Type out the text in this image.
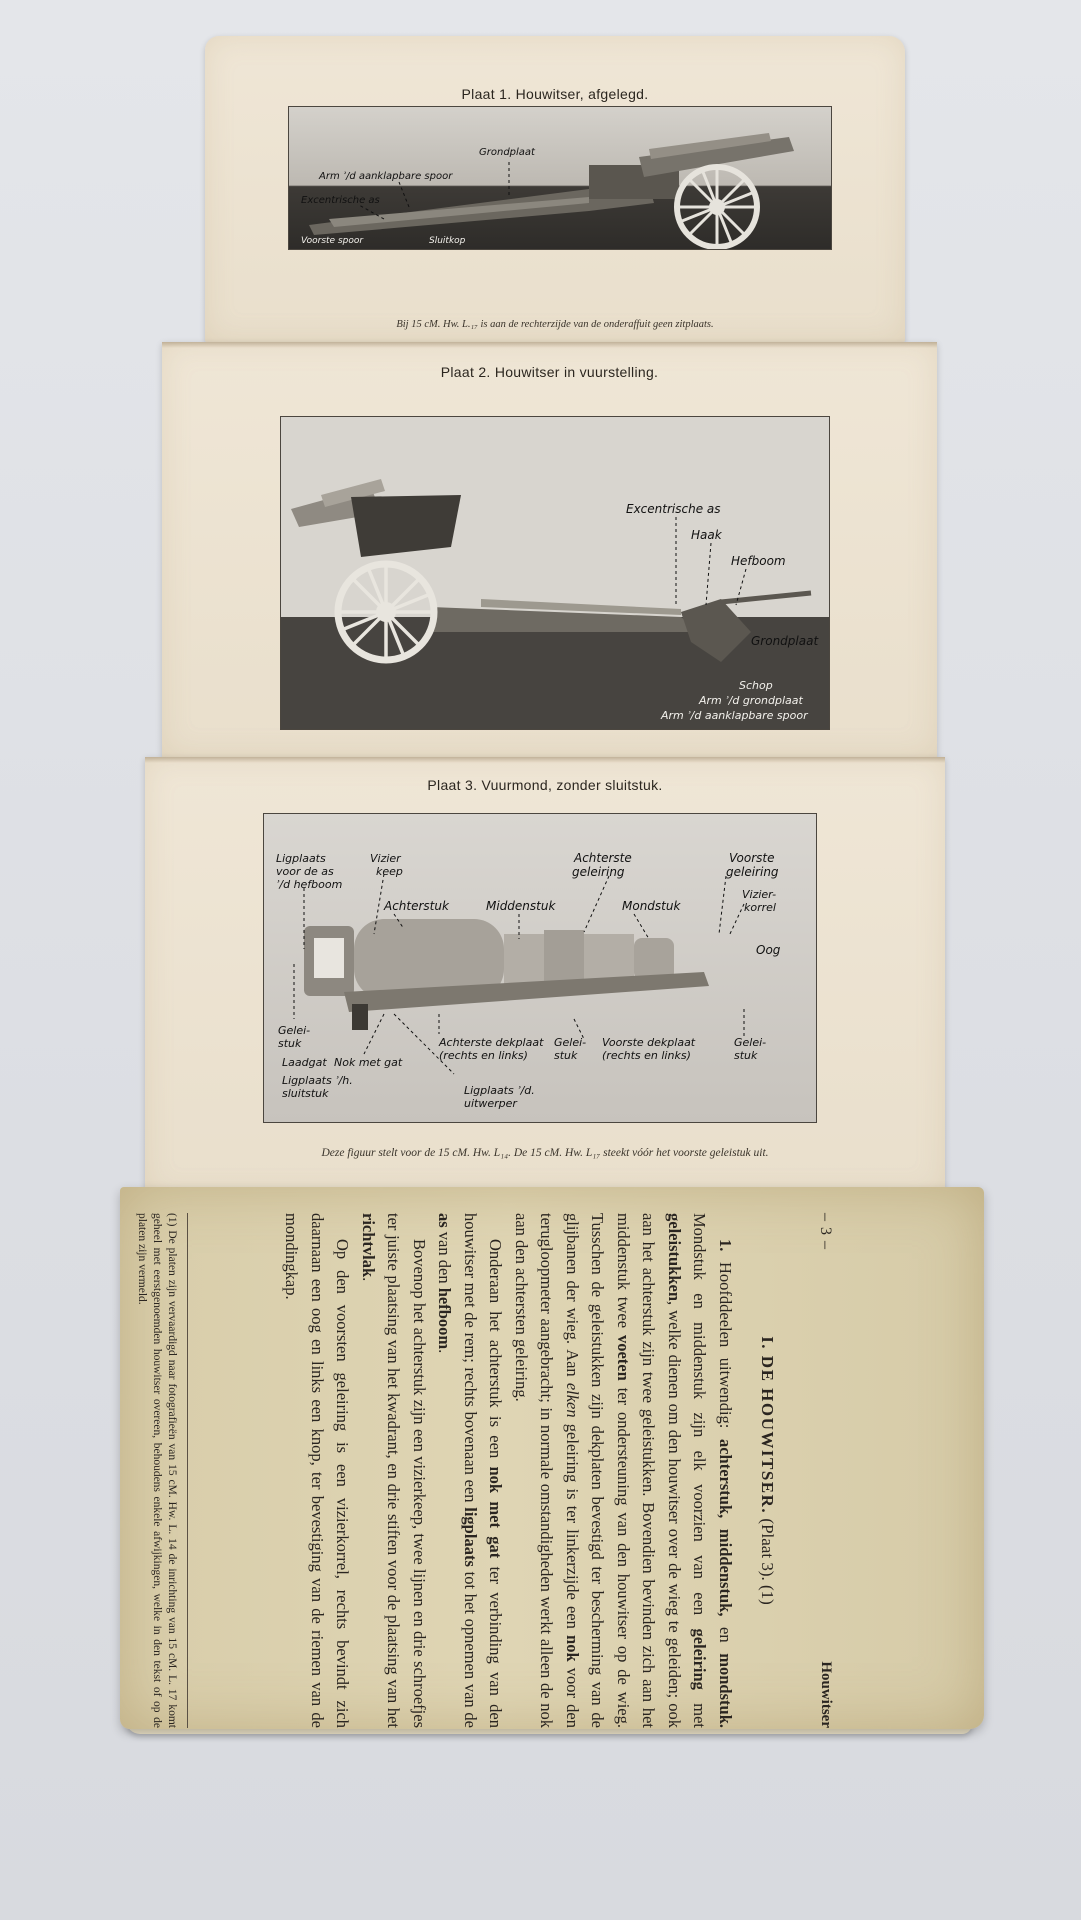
Plaat 1. Houwitser, afgelegd.
Grondplaat
Arm ʾ/d aanklapbare spoor
Excentrische as
Voorste spoor	Sluitkop
Bij 15 cM. Hw. L.₁₇ is aan de rechterzijde van de onderaffuit geen zitplaats.
Plaat 2. Houwitser in vuurstelling.
Excentrische as
Haak
Hefboom
Grondplaat
Schop
Arm ʾ/d grondplaat
Arm ʾ/d aanklapbare spoor
Plaat 3. Vuurmond, zonder sluitstuk.
Ligplaats voor de as ʾ/d hefboom
Vizier keep
Achterstuk
Achterste geleiring
Middenstuk	Mondstuk
Voorste geleiring
Vizier- korrel
Oog
Gelei- stuk
Laadgat Nok met gat
Ligplaats ʾ/h. sluitstuk
Achterste dekplaat (rechts en links)
Gelei- stuk
Voorste dekplaat (rechts en links)
Gelei- stuk
Ligplaats ʾ/d. uitwerper
Deze figuur stelt voor de 15 cM. Hw. L₁₄. De 15 cM. Hw. L₁₇ steekt vóór het voorste geleistuk uit.
– 3 –
Houwitser
I. DE HOUWITSER. (Plaat 3). (1)

1. Hoofddeelen uitwendig: achterstuk, middenstuk, en mondstuk. Mondstuk en middenstuk zijn elk voorzien van een geleiring met geleistukken, welke dienen om den houwitser over de wieg te geleiden; ook aan het achterstuk zijn twee geleistukken. Bovendien bevinden zich aan het middenstuk twee voeten ter ondersteuning van den houwitser op de wieg. Tusschen de geleistukken zijn dekplaten bevestigd ter bescherming van de glijbanen der wieg. Aan elken geleiring is ter linkerzijde een nok voor den terugloopmeter aangebracht; in normale omstandigheden werkt alleen de nok aan den achtersten geleiring.

Onderaan het achterstuk is een nok met gat ter verbinding van den houwitser met de rem; rechts bovenaan een ligplaats tot het opnemen van de as van den hefboom.

Bovenop het achterstuk zijn een vizierkeep, twee lijnen en drie schroefjes ter juiste plaatsing van het kwadrant, en drie stiften voor de plaatsing van het richtvlak.

Op den voorsten geleiring is een vizierkorrel, rechts bevindt zich daarnaan een oog en links een knop, ter bevestiging van de riemen van de mondingkap.

(1) De platen zijn vervaardigd naar fotografieën van 15 cM. Hw. L. 14 de inrichting van 15 cM. L. 17 komt geheel met eerstgenoemden houwitser overeen, behoudens enkele afwijkingen, welke in den tekst of op de platen zijn vermeld.
